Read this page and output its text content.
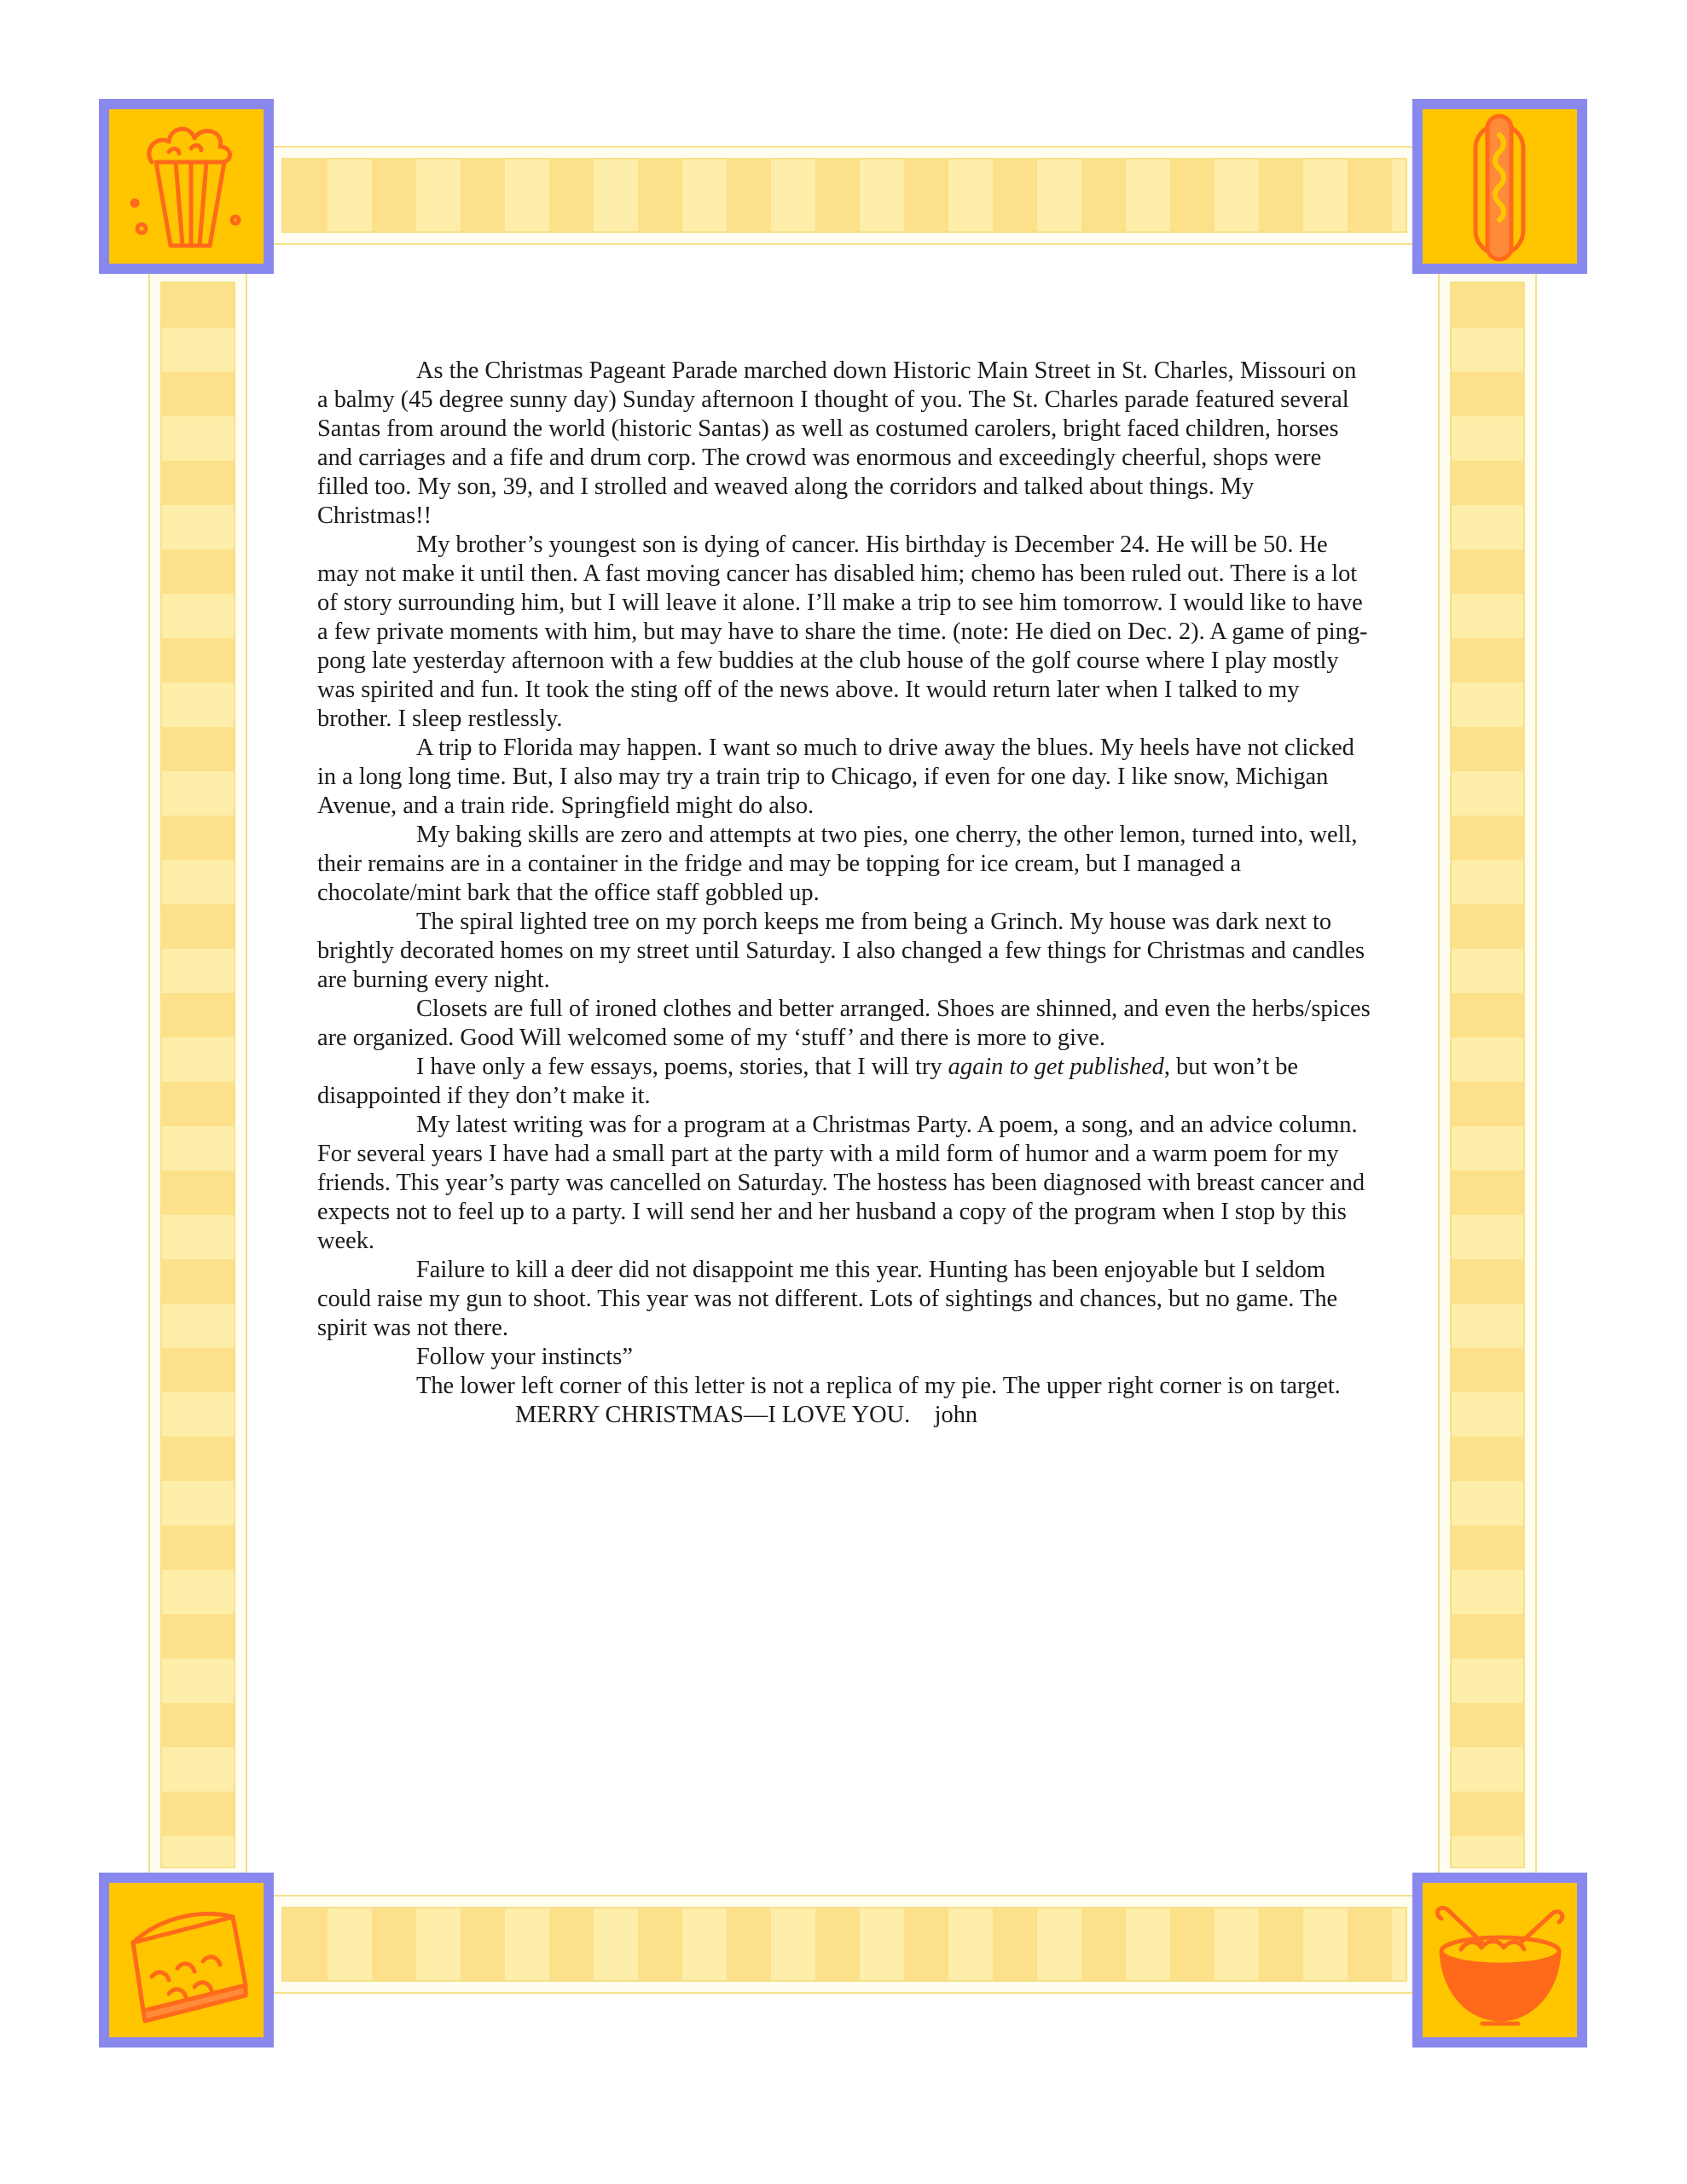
As the Christmas Pageant Parade marched down Historic Main Street in St. Charles, Missouri on a balmy (45 degree sunny day) Sunday afternoon I thought of you. The St. Charles parade featured several Santas from around the world (historic Santas) as well as costumed carolers, bright faced children, horses and carriages and a fife and drum corp. The crowd was enormous and exceedingly cheerful, shops were filled too. My son, 39, and I strolled and weaved along the corridors and talked about things. My Christmas!!

My brother’s youngest son is dying of cancer. His birthday is December 24. He will be 50. He may not make it until then. A fast moving cancer has disabled him; chemo has been ruled out. There is a lot of story surrounding him, but I will leave it alone. I’ll make a trip to see him tomorrow. I would like to have a few private moments with him, but may have to share the time. (note: He died on Dec. 2). A game of ping-pong late yesterday afternoon with a few buddies at the club house of the golf course where I play mostly was spirited and fun. It took the sting off of the news above. It would return later when I talked to my brother. I sleep restlessly.

A trip to Florida may happen. I want so much to drive away the blues. My heels have not clicked in a long long time. But, I also may try a train trip to Chicago, if even for one day. I like snow, Michigan Avenue, and a train ride. Springfield might do also.

My baking skills are zero and attempts at two pies, one cherry, the other lemon, turned into, well, their remains are in a container in the fridge and may be topping for ice cream, but I managed a chocolate/mint bark that the office staff gobbled up.

The spiral lighted tree on my porch keeps me from being a Grinch. My house was dark next to brightly decorated homes on my street until Saturday. I also changed a few things for Christmas and candles are burning every night.

Closets are full of ironed clothes and better arranged. Shoes are shinned, and even the herbs/spices are organized. Good Will welcomed some of my ‘stuff’ and there is more to give.

I have only a few essays, poems, stories, that I will try again to get published, but won’t be disappointed if they don’t make it.

My latest writing was for a program at a Christmas Party. A poem, a song, and an advice column. For several years I have had a small part at the party with a mild form of humor and a warm poem for my friends. This year’s party was cancelled on Saturday. The hostess has been diagnosed with breast cancer and expects not to feel up to a party. I will send her and her husband a copy of the program when I stop by this week.

Failure to kill a deer did not disappoint me this year. Hunting has been enjoyable but I seldom could raise my gun to shoot. This year was not different. Lots of sightings and chances, but no game. The spirit was not there.

Follow your instincts”

The lower left corner of this letter is not a replica of my pie. The upper right corner is on target.

MERRY CHRISTMAS—I LOVE YOU.    john
